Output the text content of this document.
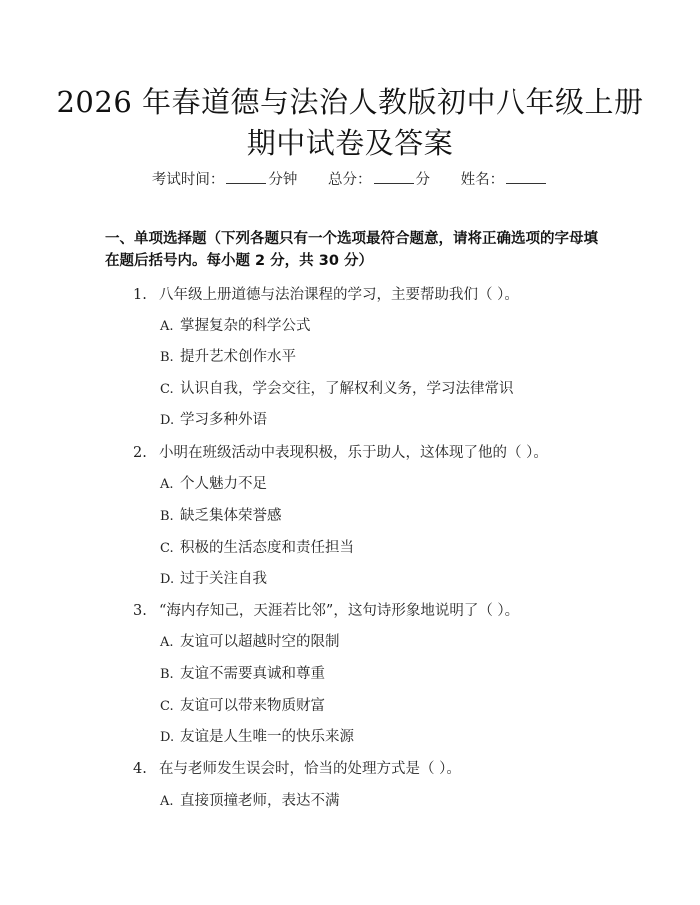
2026 年春道德与法治人教版初中八年级上册
期中试卷及答案
考试时间：	分钟 总分：	分 姓名：
一、单项选择题（下列各题只有一个选项最符合题意，请将正确选项的字母填在题后括号内。每小题 2 分，共 30 分）
1. 八年级上册道德与法治课程的学习，主要帮助我们（ ）。
A. 掌握复杂的科学公式
B. 提升艺术创作水平
C. 认识自我，学会交往，了解权利义务，学习法律常识
D. 学习多种外语
2. 小明在班级活动中表现积极，乐于助人，这体现了他的（ ）。
A. 个人魅力不足
B. 缺乏集体荣誉感
C. 积极的生活态度和责任担当
D. 过于关注自我
3. “海内存知己，天涯若比邻”，这句诗形象地说明了（ ）。
A. 友谊可以超越时空的限制
B. 友谊不需要真诚和尊重
C. 友谊可以带来物质财富
D. 友谊是人生唯一的快乐来源
4. 在与老师发生误会时，恰当的处理方式是（ ）。
A. 直接顶撞老师，表达不满
